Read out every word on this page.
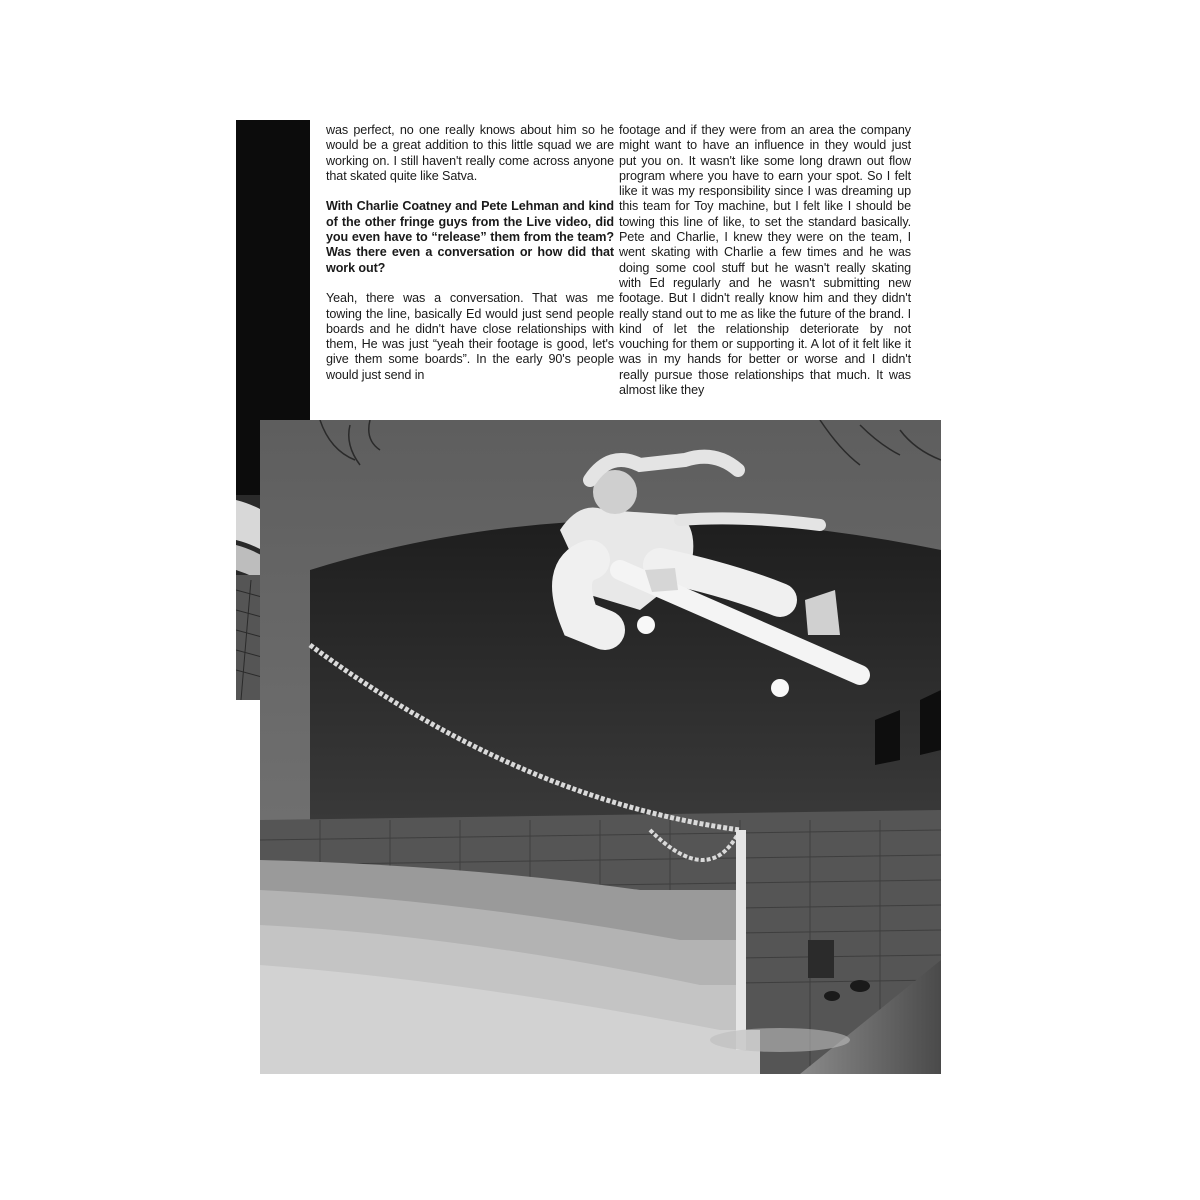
was perfect, no one really knows about him so he would be a great addition to this little squad we are working on. I still haven't really come across anyone that skated quite like Satva.

With Charlie Coatney and Pete Lehman and kind of the other fringe guys from the Live video, did you even have to “release” them from the team? Was there even a conversation or how did that work out?

Yeah, there was a conversation. That was me towing the line, basically Ed would just send people boards and he didn't have close relationships with them, He was just “yeah their footage is good, let's give them some boards”. In the early 90's people would just send in

footage and if they were from an area the company might want to have an influence in they would just put you on. It wasn't like some long drawn out flow program where you have to earn your spot. So I felt like it was my responsibility since I was dreaming up this team for Toy machine, but I felt like I should be towing this line of like, to set the standard basically. Pete and Charlie, I knew they were on the team, I went skating with Charlie a few times and he was doing some cool stuff but he wasn't really skating with Ed regularly and he wasn't submitting new footage. But I didn't really know him and they didn't really stand out to me as like the future of the brand. I kind of let the relationship deteriorate by not vouching for them or supporting it. A lot of it felt like it was in my hands for better or worse and I didn't really pursue those relationships that much. It was almost like they
